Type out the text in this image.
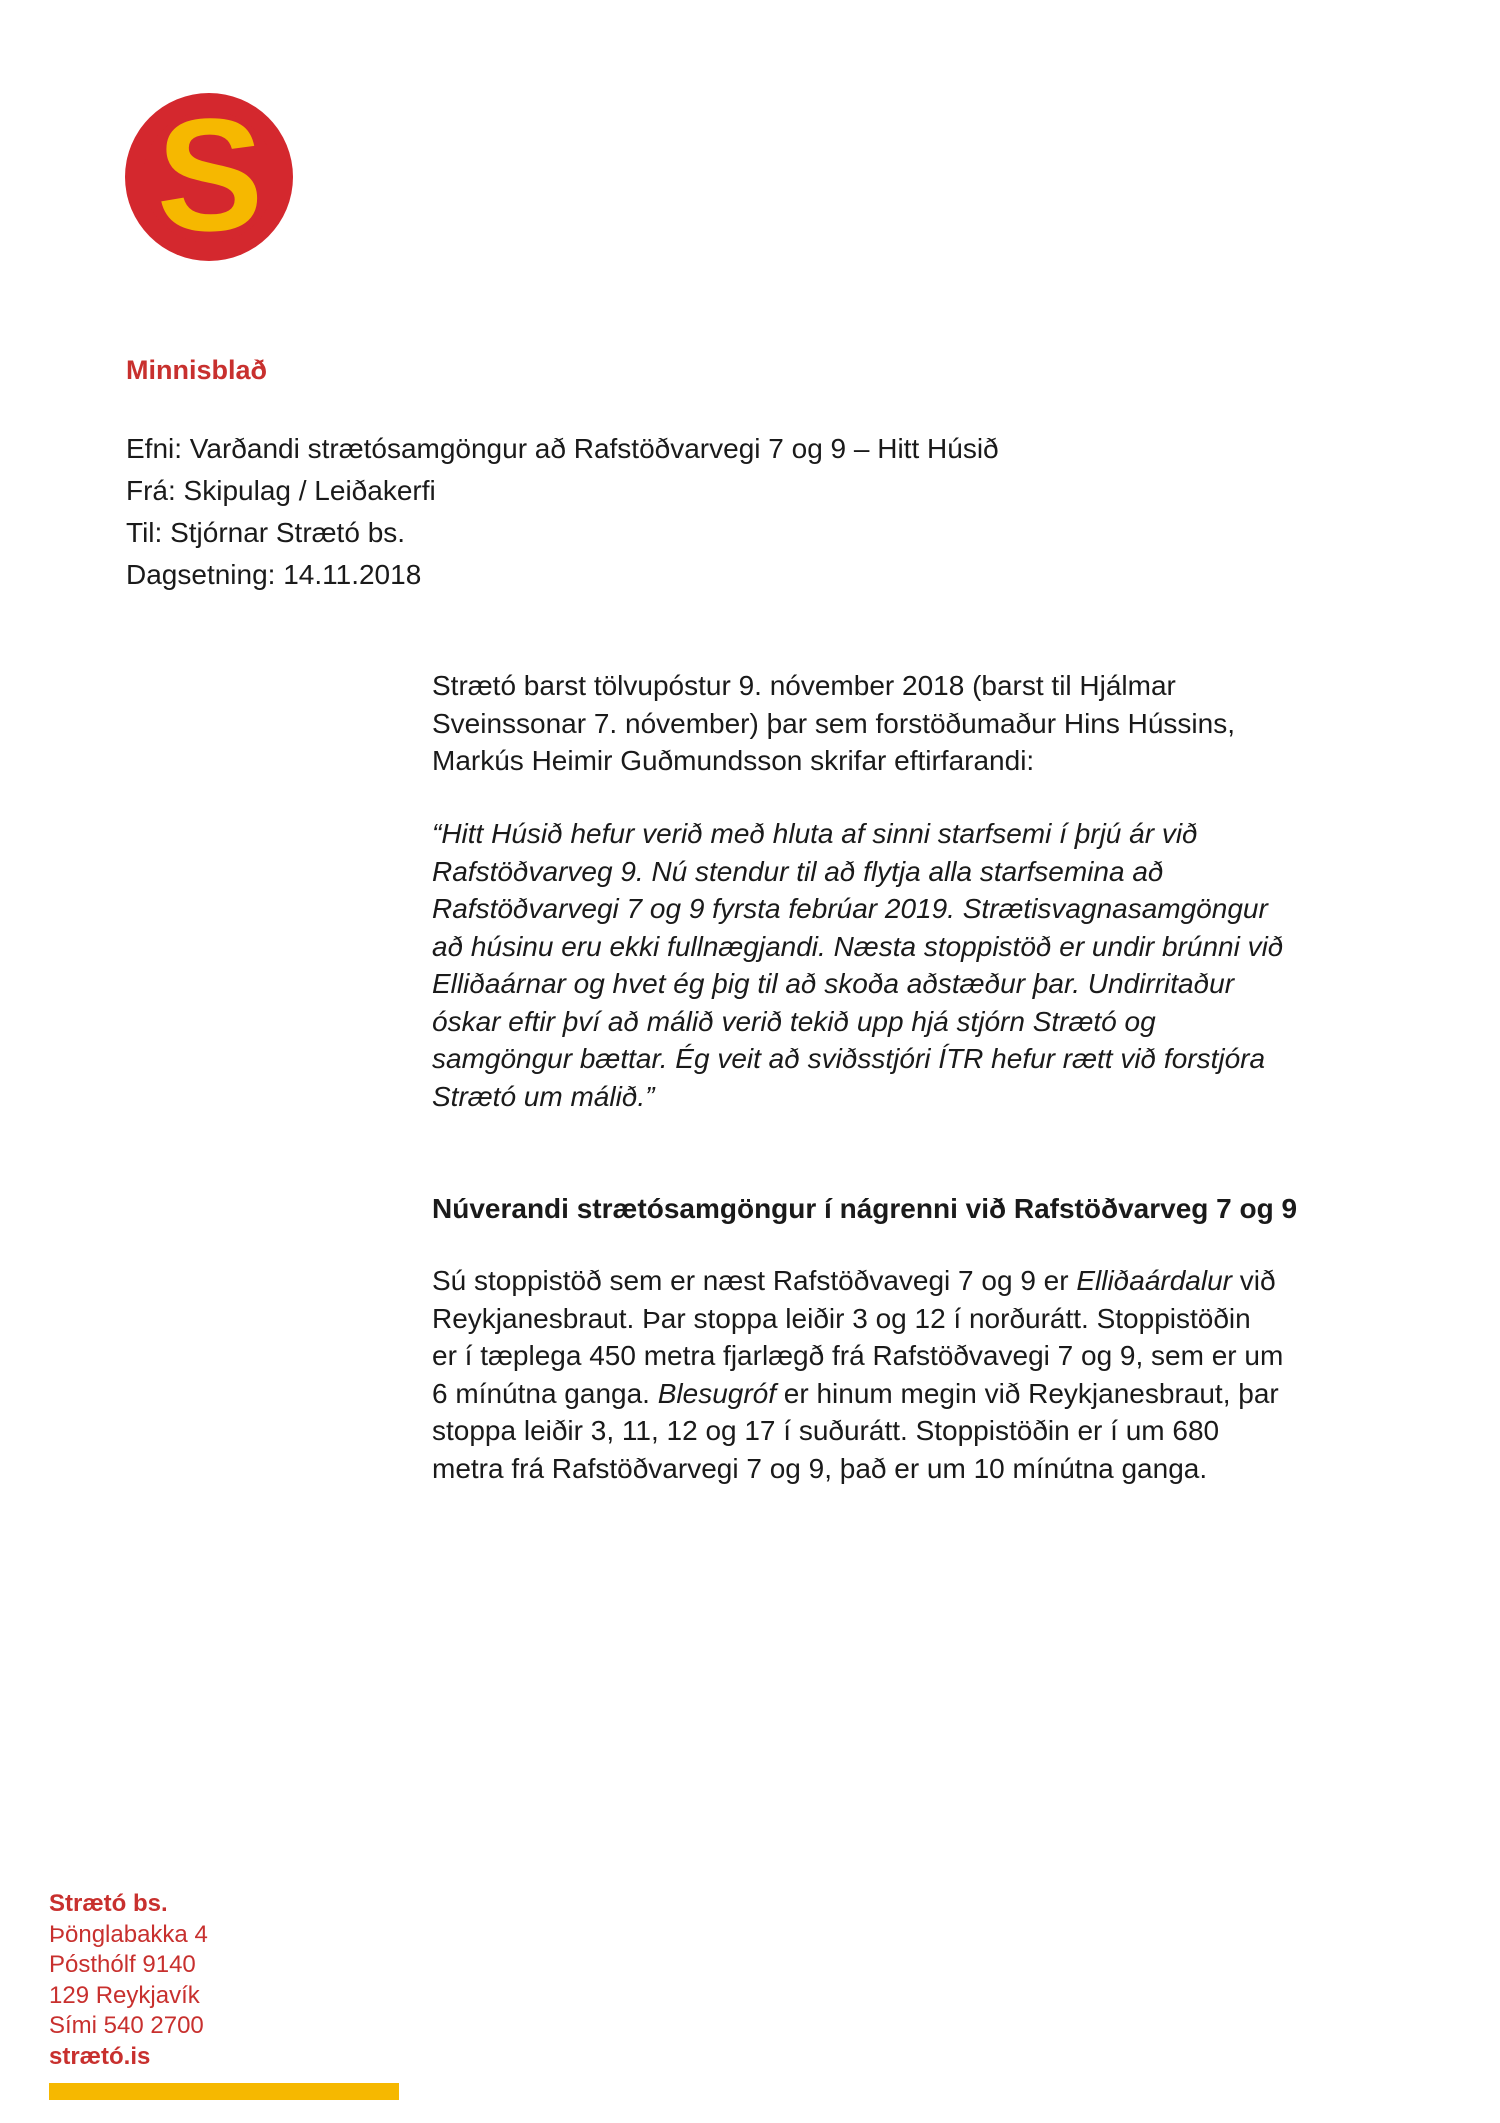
S
Minnisblað
Efni: Varðandi strætósamgöngur að Rafstöðvarvegi 7 og 9 – Hitt Húsið
Frá: Skipulag / Leiðakerfi
Til: Stjórnar Strætó bs.
Dagsetning: 14.11.2018
Strætó barst tölvupóstur 9. nóvember 2018 (barst til Hjálmar
Sveinssonar 7. nóvember) þar sem forstöðumaður Hins Hússins,
Markús Heimir Guðmundsson skrifar eftirfarandi:
“Hitt Húsið hefur verið með hluta af sinni starfsemi í þrjú ár við
Rafstöðvarveg 9. Nú stendur til að flytja alla starfsemina að
Rafstöðvarvegi 7 og 9 fyrsta febrúar 2019. Strætisvagnasamgöngur
að húsinu eru ekki fullnægjandi. Næsta stoppistöð er undir brúnni við
Elliðaárnar og hvet ég þig til að skoða aðstæður þar. Undirritaður
óskar eftir því að málið verið tekið upp hjá stjórn Strætó og
samgöngur bættar. Ég veit að sviðsstjóri ÍTR hefur rætt við forstjóra
Strætó um málið.”
Núverandi strætósamgöngur í nágrenni við Rafstöðvarveg 7 og 9
Sú stoppistöð sem er næst Rafstöðvavegi 7 og 9 er Elliðaárdalur við
Reykjanesbraut. Þar stoppa leiðir 3 og 12 í norðurátt. Stoppistöðin
er í tæplega 450 metra fjarlægð frá Rafstöðvavegi 7 og 9, sem er um
6 mínútna ganga. Blesugróf er hinum megin við Reykjanesbraut, þar
stoppa leiðir 3, 11, 12 og 17 í suðurátt. Stoppistöðin er í um 680
metra frá Rafstöðvarvegi 7 og 9, það er um 10 mínútna ganga.
Strætó bs.
Þönglabakka 4
Pósthólf 9140
129 Reykjavík
Sími 540 2700
strætó.is
